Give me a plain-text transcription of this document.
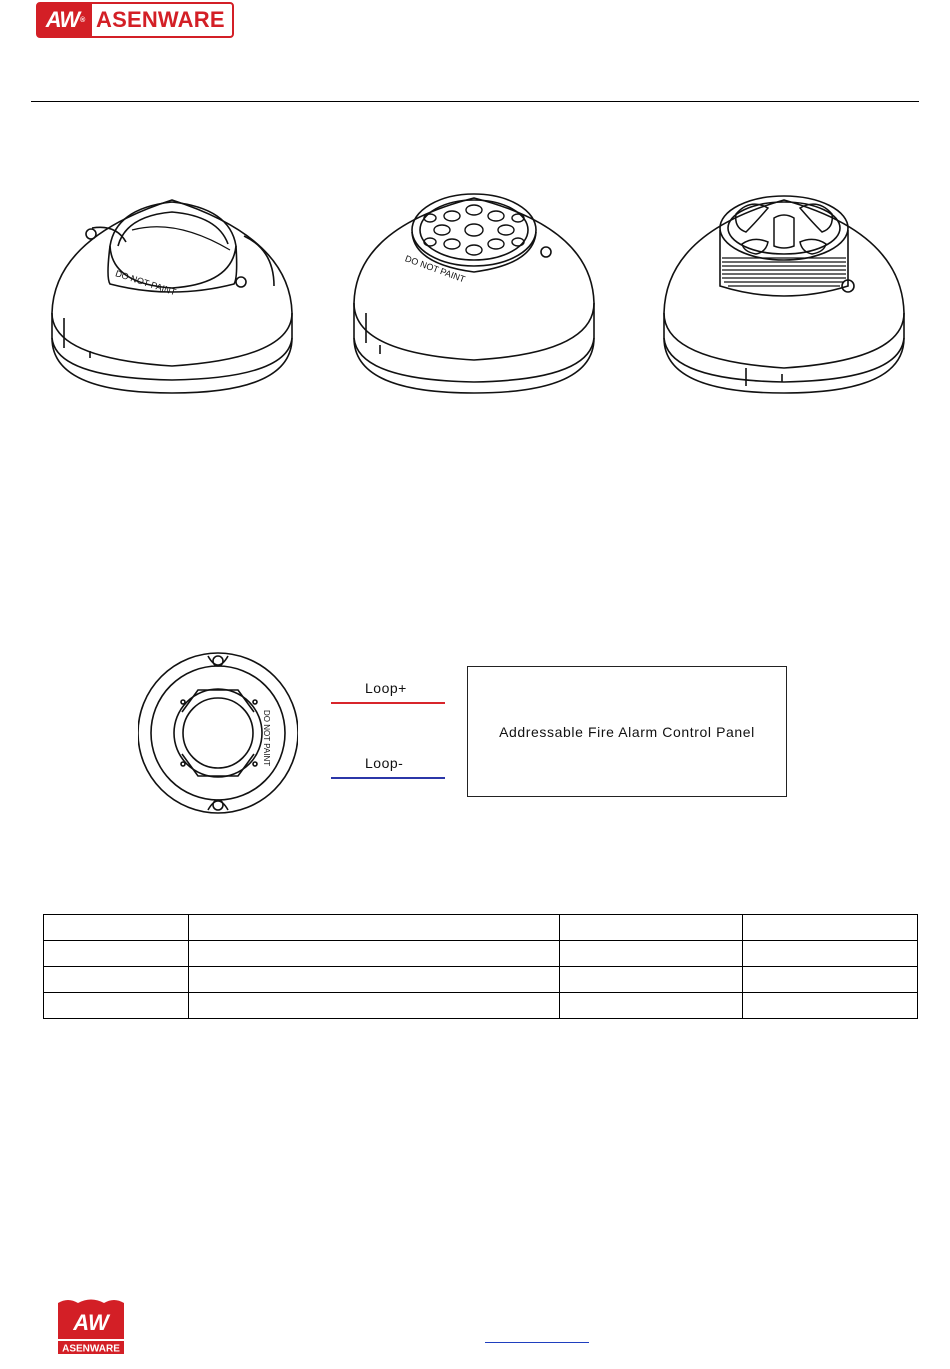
AW ® ASENWARE
DO NOT PAINT	DO NOT PAINT
DO NOT PAINT
Loop+
Loop-
Addressable Fire Alarm Control Panel

AW
ASENWARE
